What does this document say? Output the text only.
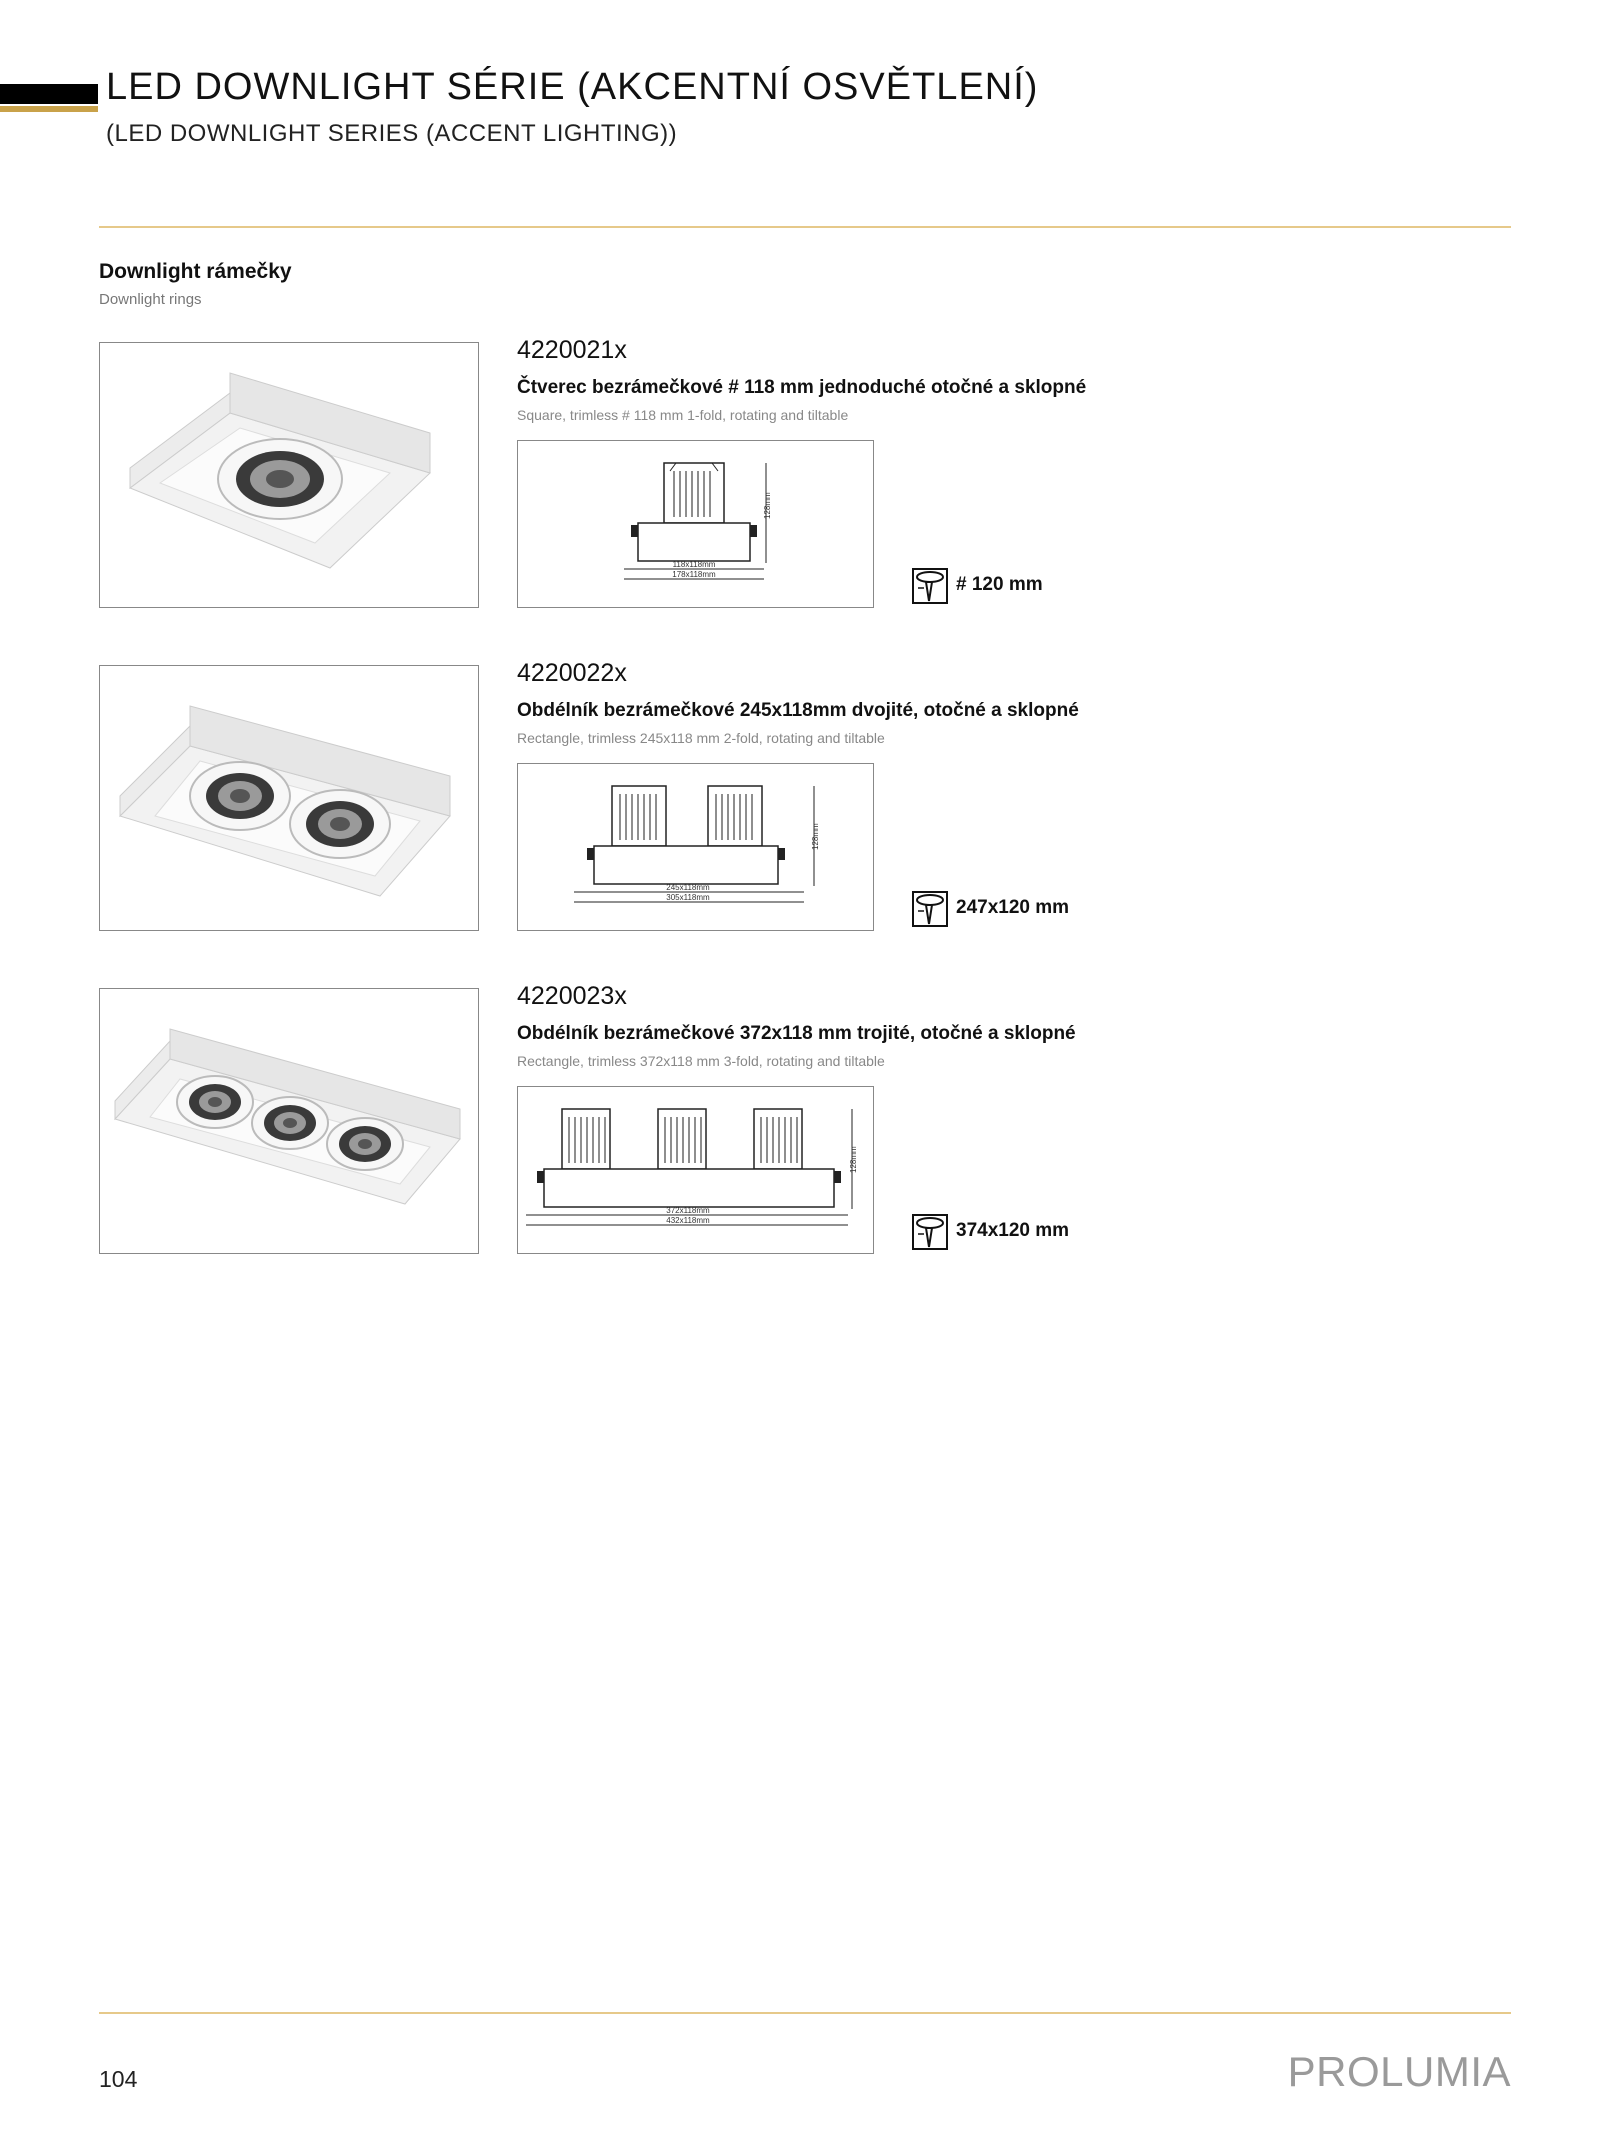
LED DOWNLIGHT SÉRIE (AKCENTNÍ OSVĚTLENÍ)
(LED DOWNLIGHT SERIES (ACCENT LIGHTING))
Downlight rámečky
Downlight rings
4220021x
Čtverec bezrámečkové # 118 mm jednoduché otočné a sklopné
Square, trimless # 118 mm 1-fold, rotating and tiltable
128mm
118x118mm
178x118mm	# 120 mm
4220022x
Obdélník bezrámečkové 245x118mm dvojité, otočné a sklopné
Rectangle, trimless 245x118 mm 2-fold, rotating and tiltable
128mm
245x118mm
305x118mm	247x120 mm
4220023x
Obdélník bezrámečkové 372x118 mm trojité, otočné a sklopné
Rectangle, trimless 372x118 mm 3-fold, rotating and tiltable
128mm
372x118mm
432x118mm	374x120 mm
104	PROLUMIA
